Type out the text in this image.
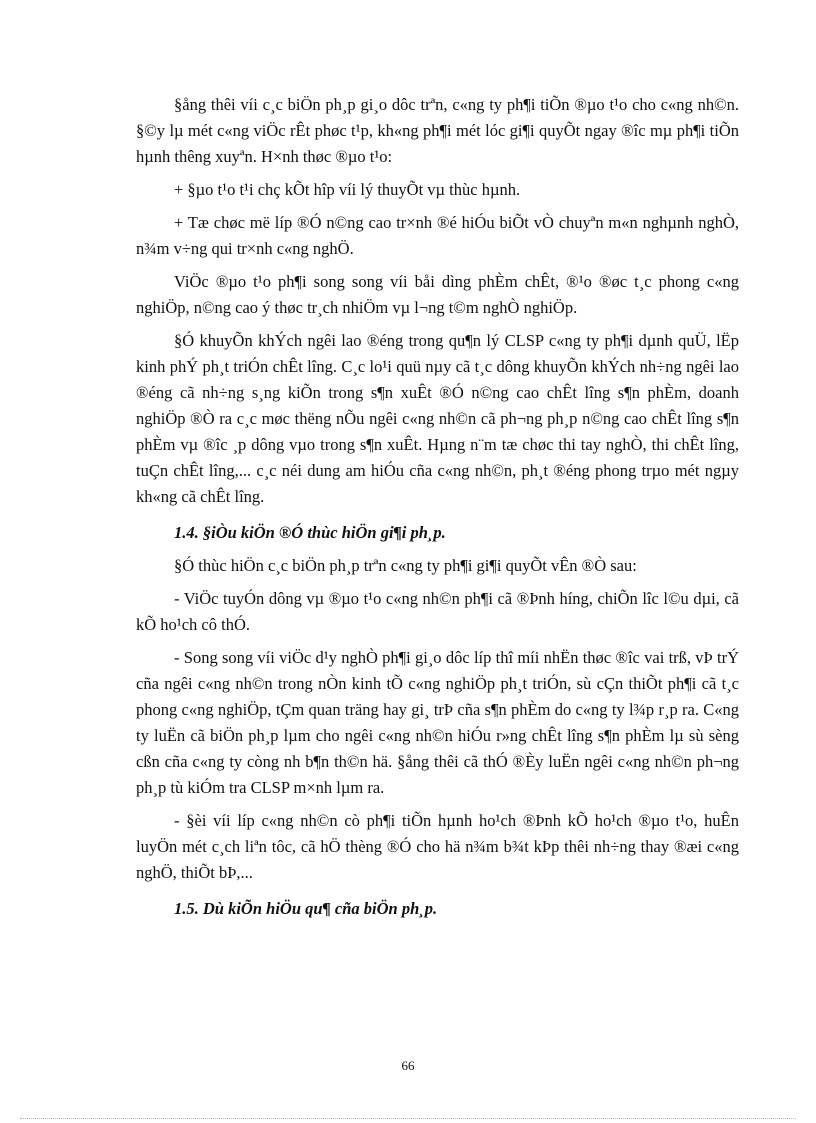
§ång thêi víi c¸c biÖn ph¸p gi¸o dôc trªn, c«ng ty ph¶i tiÕn ®µo t¹o cho c«ng nh©n. §©y lµ mét c«ng viÖc rÊt phøc t¹p, kh«ng ph¶i mét lóc gi¶i quyÕt ngay ®îc mµ ph¶i tiÕn hµnh thêng xuyªn. H×nh thøc ®µo t¹o:

+ §µo t¹o t¹i chç kÕt hîp víi lý thuyÕt vµ thùc hµnh.

+ Tæ chøc më líp ®Ó n©ng cao tr×nh ®é hiÓu biÕt vÒ chuyªn m«n nghµnh nghÒ, n¾m v÷ng qui tr×nh c«ng nghÖ.

ViÖc ®µo t¹o ph¶i song song víi båi dìng phÈm chÊt, ®¹o ®øc t¸c phong c«ng nghiÖp, n©ng cao ý thøc tr¸ch nhiÖm vµ l¬ng t©m nghÒ nghiÖp.

§Ó khuyÕn khÝch ngêi lao ®éng trong qu¶n lý CLSP c«ng ty ph¶i dµnh quÜ, lËp kinh phÝ ph¸t triÓn chÊt lîng. C¸c lo¹i quü nµy cã t¸c dông khuyÕn khÝch nh÷ng ngêi lao ®éng cã nh÷ng s¸ng kiÕn trong s¶n xuÊt ®Ó n©ng cao chÊt lîng s¶n phÈm, doanh nghiÖp ®Ò ra c¸c møc thëng nÕu ngêi c«ng nh©n cã ph¬ng ph¸p n©ng cao chÊt lîng s¶n phÈm vµ ®îc ¸p dông vµo trong s¶n xuÊt. Hµng n¨m tæ chøc thi tay nghÒ, thi chÊt lîng, tuÇn chÊt lîng,... c¸c néi dung am hiÓu cña c«ng nh©n, ph¸t ®éng phong trµo mét ngµy kh«ng cã chÊt lîng.

1.4. §iÒu kiÖn ®Ó thùc hiÖn gi¶i ph¸p.

§Ó thùc hiÖn c¸c biÖn ph¸p trªn c«ng ty ph¶i gi¶i quyÕt vÊn ®Ò sau:

- ViÖc tuyÓn dông vµ ®µo t¹o c«ng nh©n ph¶i cã ®Þnh híng, chiÕn lîc l©u dµi, cã kÕ ho¹ch cô thÓ.

- Song song víi viÖc d¹y nghÒ ph¶i gi¸o dôc líp thî míi nhËn thøc ®îc vai trß, vÞ trÝ cña ngêi c«ng nh©n trong nÒn kinh tÕ c«ng nghiÖp ph¸t triÓn, sù cÇn thiÕt ph¶i cã t¸c phong c«ng nghiÖp, tÇm quan träng hay gi¸ trÞ cña s¶n phÈm do c«ng ty l¾p r¸p ra. C«ng ty luËn cã biÖn ph¸p lµm cho ngêi c«ng nh©n hiÓu r»ng chÊt lîng s¶n phÈm lµ sù sèng cßn cña c«ng ty còng nh b¶n th©n hä. §ång thêi cã thÓ ®Èy luËn ngêi c«ng nh©n ph¬ng ph¸p tù kiÓm tra CLSP m×nh lµm ra.

- §èi víi líp c«ng nh©n cò ph¶i tiÕn hµnh ho¹ch ®Þnh kÕ ho¹ch ®µo t¹o, huÊn luyÖn mét c¸ch liªn tôc, cã hÖ thèng ®Ó cho hä n¾m b¾t kÞp thêi nh÷ng thay ®æi c«ng nghÖ, thiÕt bÞ,...

1.5. Dù kiÕn hiÖu qu¶ cña biÖn ph¸p.
66
